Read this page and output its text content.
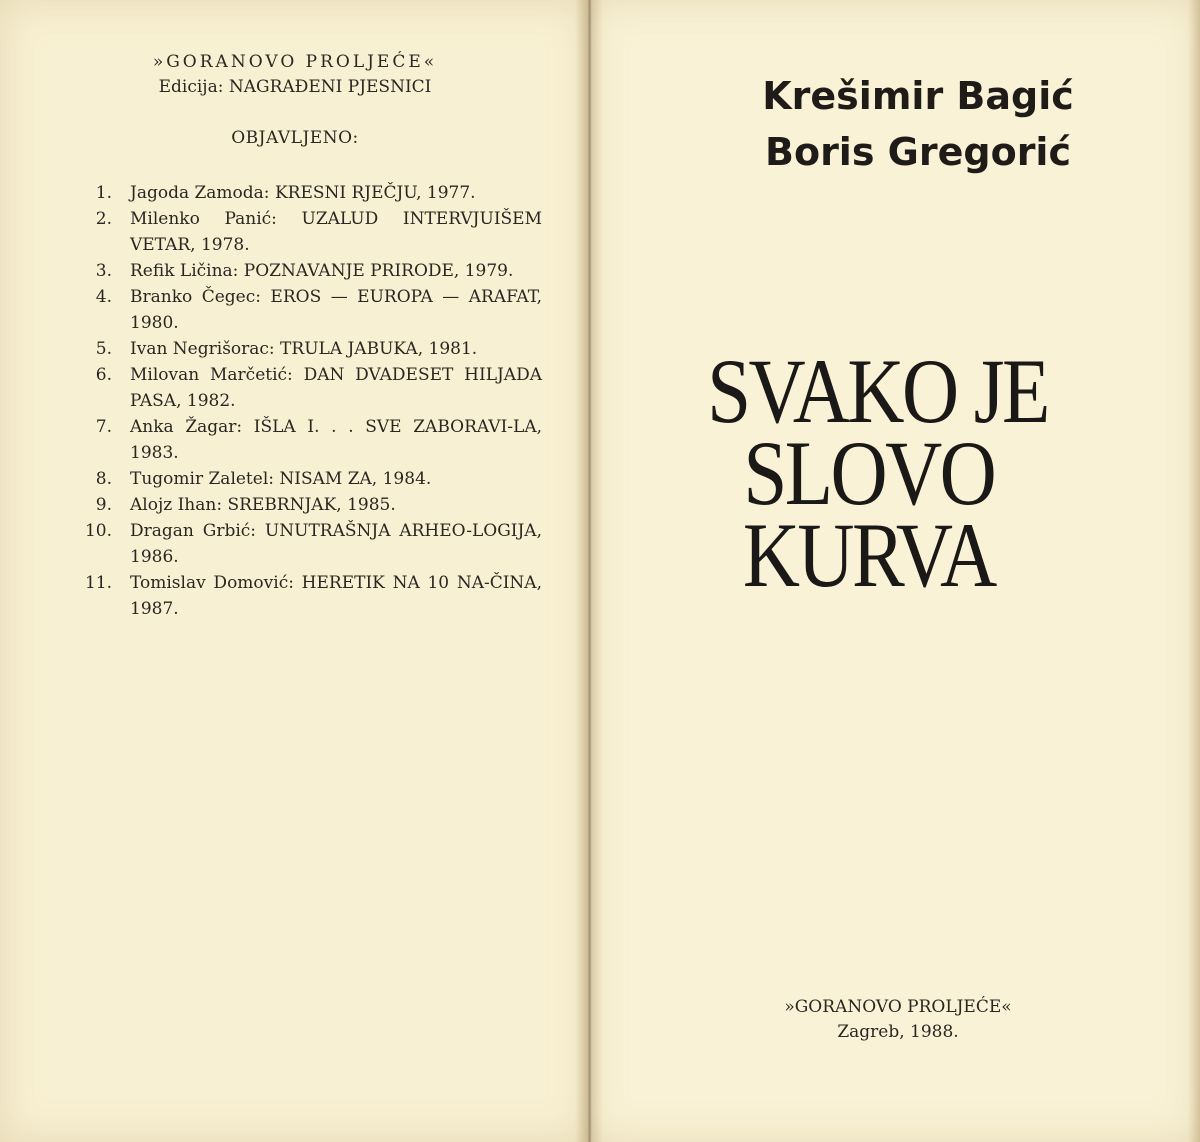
»GORANOVO PROLJEĆE«
Edicija: NAGRAĐENI PJESNICI
OBJAVLJENO:
1.	Jagoda Zamoda: KRESNI RJEČJU, 1977.
2.	Milenko Panić: UZALUD INTERVJUIŠEM VETAR, 1978.
3.	Refik Ličina: POZNAVANJE PRIRODE, 1979.
4.	Branko Čegec: EROS — EUROPA — ARAFAT, 1980.
5.	Ivan Negrišorac: TRULA JABUKA, 1981.
6.	Milovan Marčetić: DAN DVADESET HILJADA PASA, 1982.
7.	Anka Žagar: IŠLA I. . . SVE ZABORAVI-LA, 1983.
8.	Tugomir Zaletel: NISAM ZA, 1984.
9.	Alojz Ihan: SREBRNJAK, 1985.
10.	Dragan Grbić: UNUTRAŠNJA ARHEO-LOGIJA, 1986.
11.	Tomislav Domović: HERETIK NA 10 NA-ČINA, 1987.
Krešimir Bagić
Boris Gregorić
SVAKO JE
SLOVO KURVA
»GORANOVO PROLJEĆE«
Zagreb, 1988.
